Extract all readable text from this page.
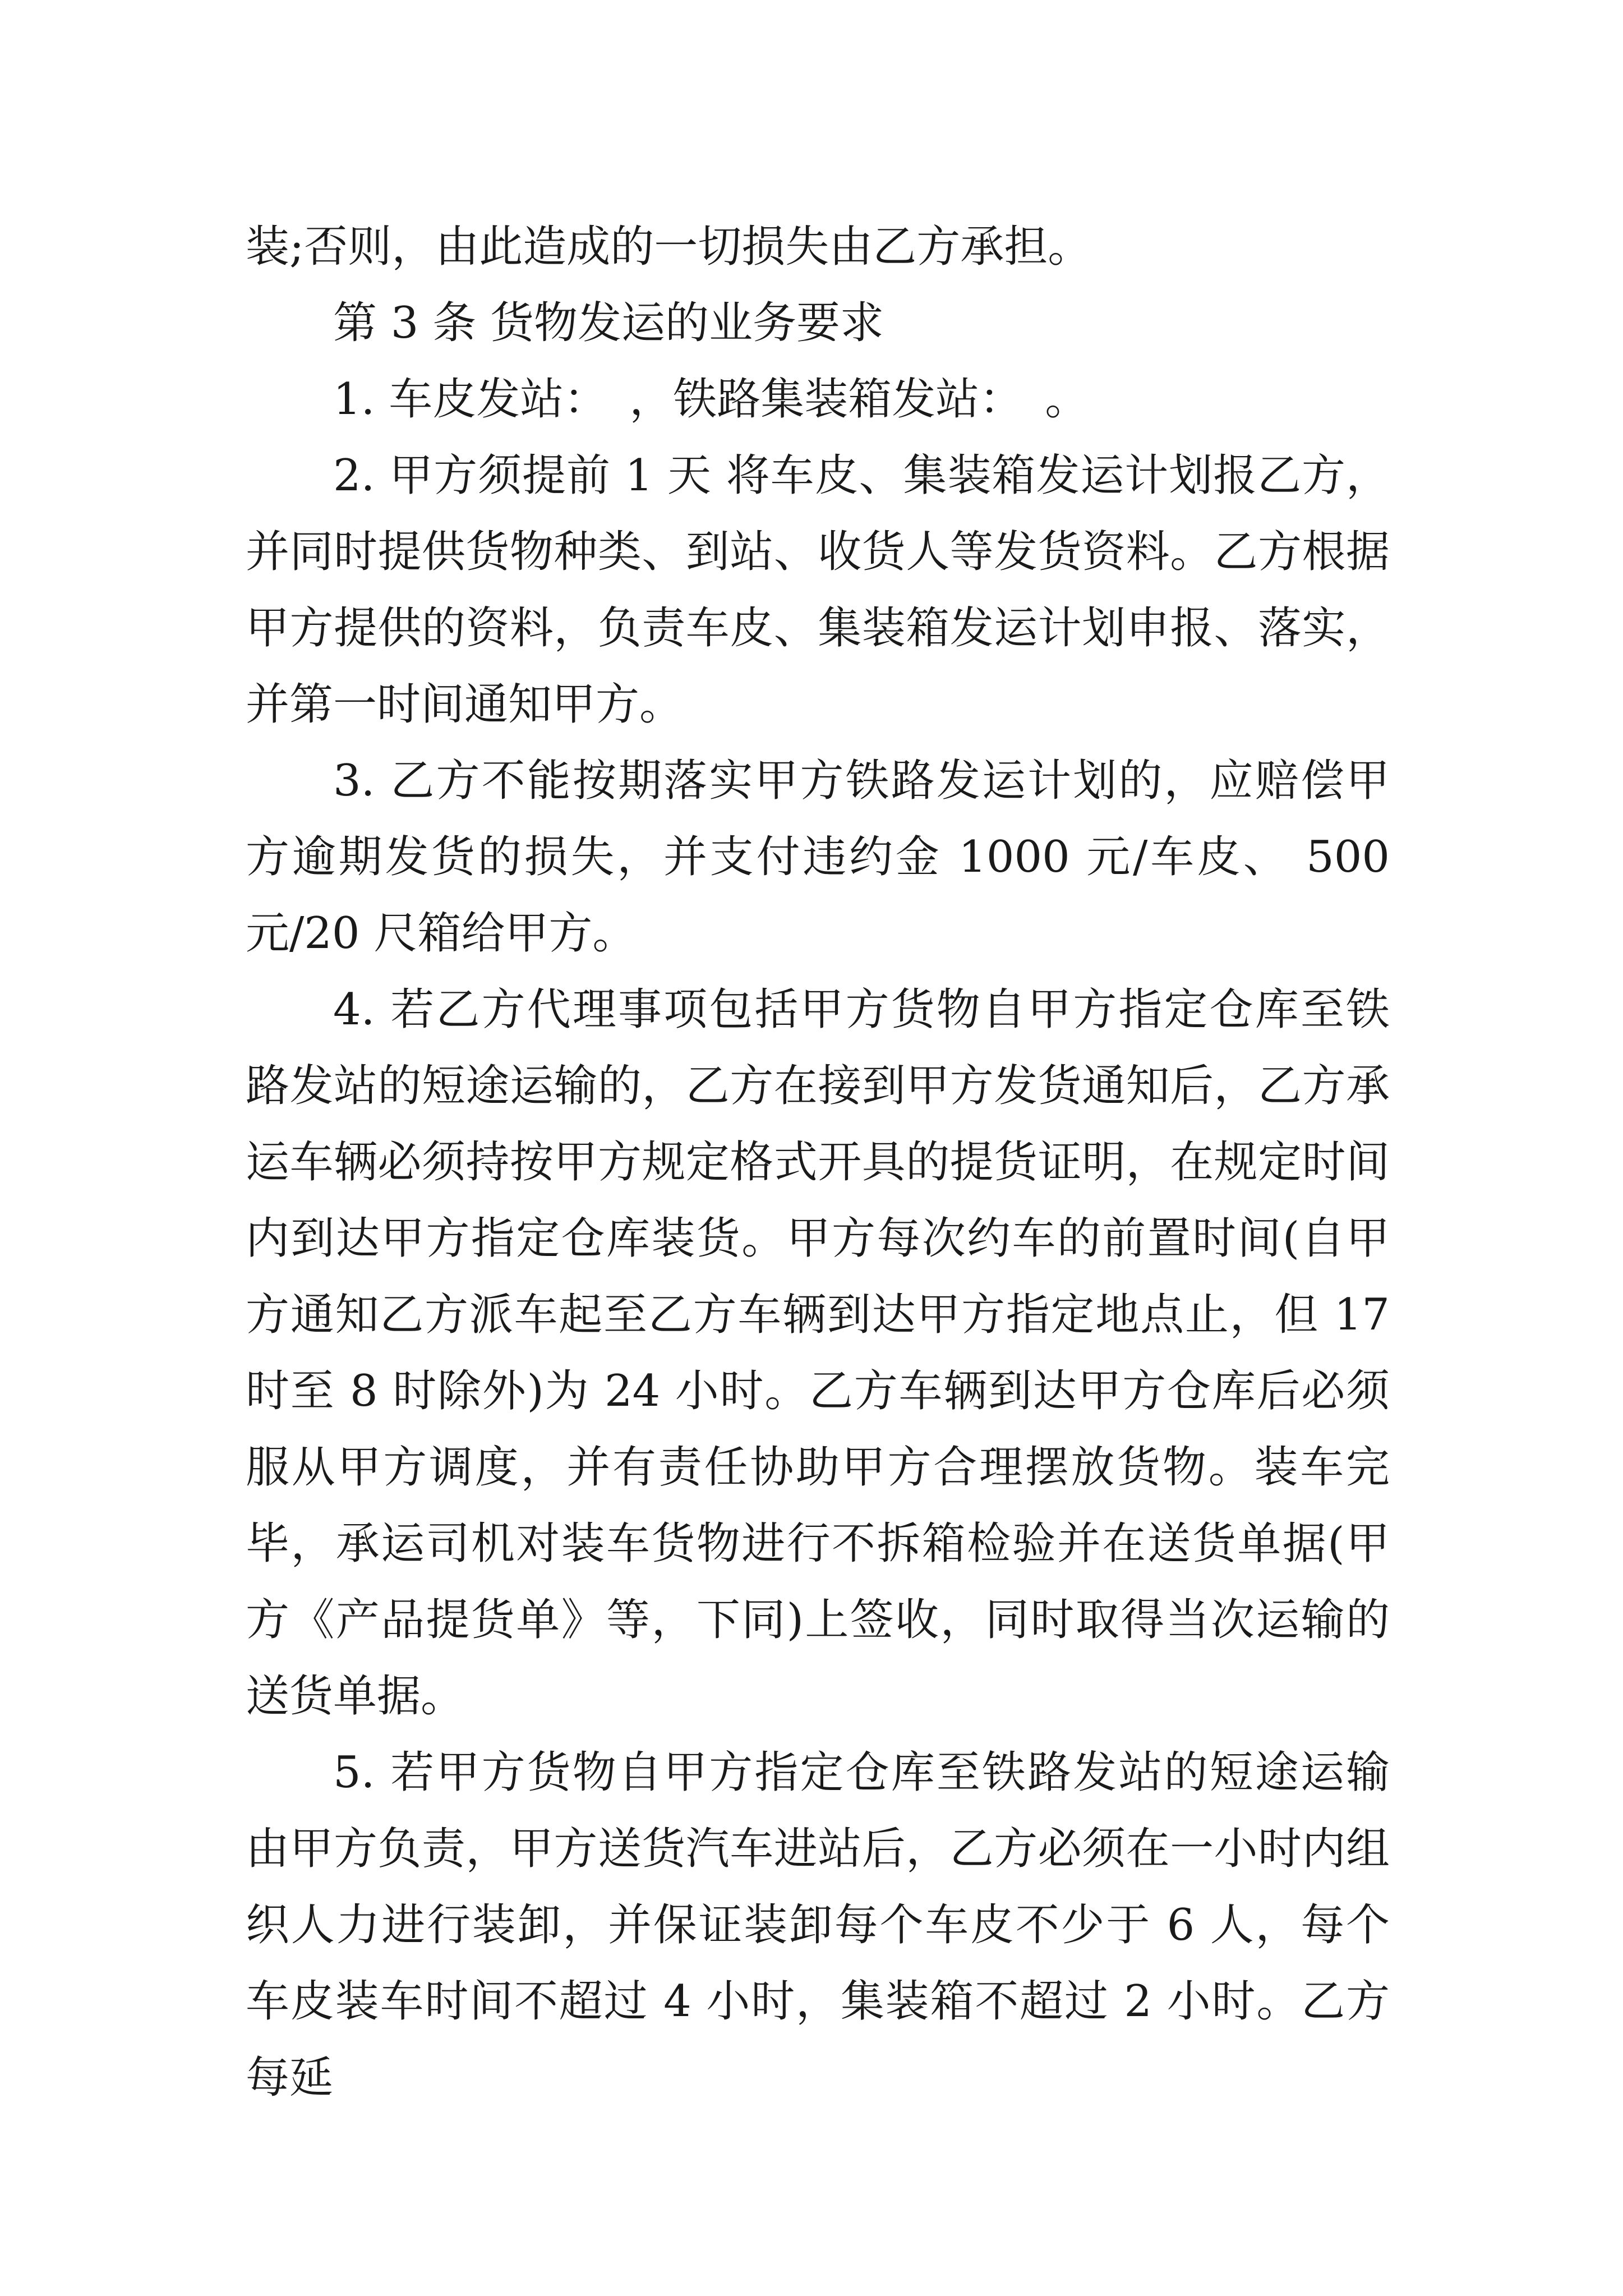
装;否则，由此造成的一切损失由乙方承担。

第 3 条 货物发运的业务要求

1. 车皮发站：　，铁路集装箱发站：　。

2. 甲方须提前 1 天 将车皮、集装箱发运计划报乙方，并同时提供货物种类、到站、收货人等发货资料。乙方根据甲方提供的资料，负责车皮、集装箱发运计划申报、落实，并第一时间通知甲方。

3. 乙方不能按期落实甲方铁路发运计划的，应赔偿甲方逾期发货的损失，并支付违约金 1000 元/车皮、 500 元/20 尺箱给甲方。

4. 若乙方代理事项包括甲方货物自甲方指定仓库至铁路发站的短途运输的，乙方在接到甲方发货通知后，乙方承运车辆必须持按甲方规定格式开具的提货证明，在规定时间内到达甲方指定仓库装货。甲方每次约车的前置时间(自甲方通知乙方派车起至乙方车辆到达甲方指定地点止，但 17 时至 8 时除外)为 24 小时。乙方车辆到达甲方仓库后必须服从甲方调度，并有责任协助甲方合理摆放货物。装车完毕，承运司机对装车货物进行不拆箱检验并在送货单据(甲方《产品提货单》等，下同)上签收，同时取得当次运输的送货单据。

5. 若甲方货物自甲方指定仓库至铁路发站的短途运输由甲方负责，甲方送货汽车进站后，乙方必须在一小时内组织人力进行装卸，并保证装卸每个车皮不少于 6 人，每个车皮装车时间不超过 4 小时，集装箱不超过 2 小时。乙方每延
